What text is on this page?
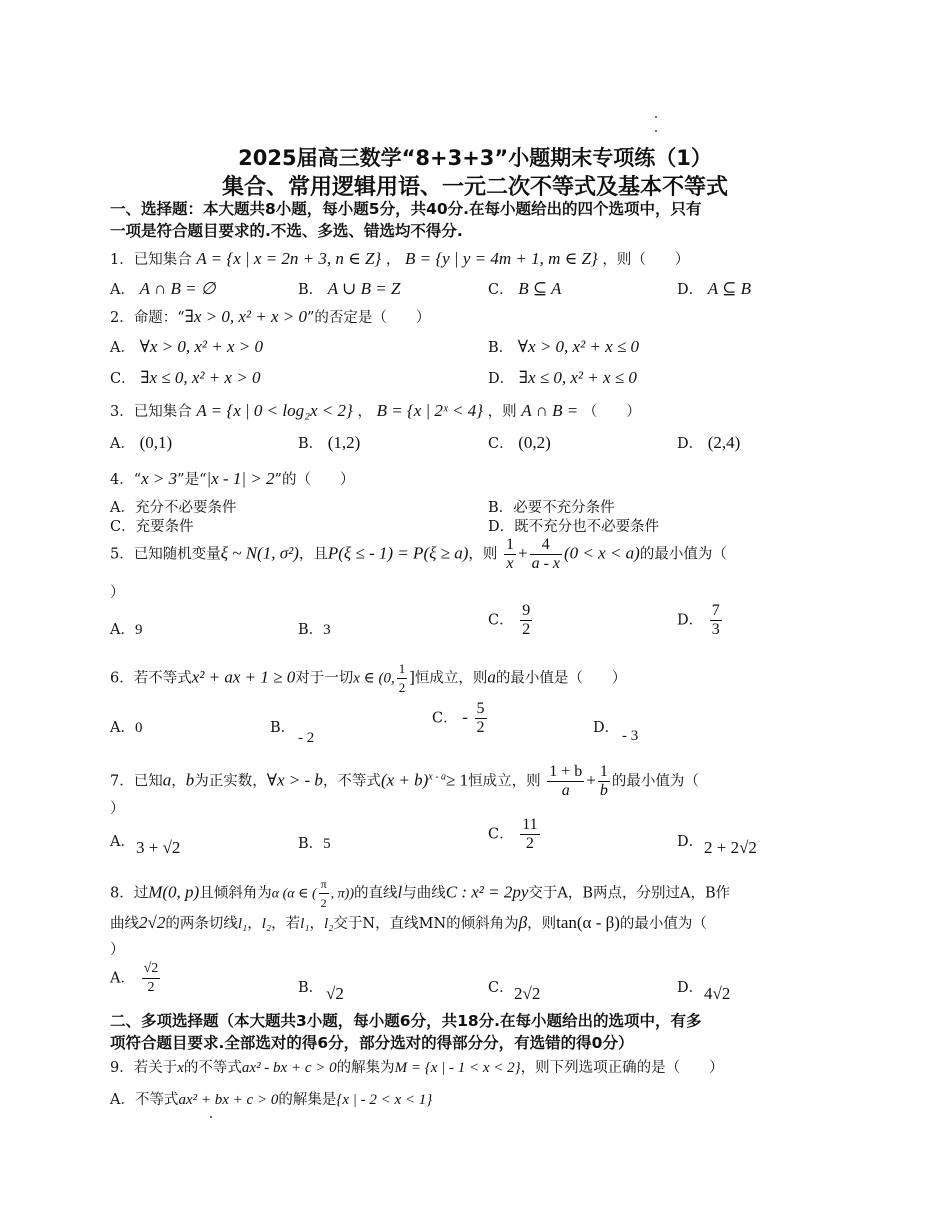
2025届高三数学“8+3+3”小题期末专项练（1）
集合、常用逻辑用语、一元二次不等式及基本不等式
一、选择题：本大题共8小题，每小题5分，共40分.在每小题给出的四个选项中，只有
一项是符合题目要求的.不选、多选、错选均不得分.
1．已知集合 A = {x | x = 2n + 3, n ∈ Z} ， B = {y | y = 4m + 1, m ∈ Z} ，则（　　）
A． A ∩ B = ∅	B． A ∪ B = Z	C． B ⊆ A	D． A ⊆ B
2．命题：“∃x > 0, x² + x > 0”的否定是（　　）
A． ∀x > 0, x² + x > 0	B． ∀x > 0, x² + x ≤ 0
C． ∃x ≤ 0, x² + x > 0	D． ∃x ≤ 0, x² + x ≤ 0
3．已知集合 A = {x | 0 < log₂x < 2} ， B = {x | 2ˣ < 4} ，则 A ∩ B = （　　）
A． (0,1)	B． (1,2)	C． (0,2)	D． (2,4)
4．“x > 3”是“|x - 1| > 2”的（　　）
A．充分不必要条件	B．必要不充分条件
C．充要条件	D．既不充分也不必要条件
5．已知随机变量ξ ~ N(1, σ²)，且P(ξ ≤ - 1) = P(ξ ≥ a)，则 $\frac{1}{x} + \frac{4}{a - x} (0 < x < a)$的最小值为（
）
A．9	B．3
C． $\frac{9}{2}$	D． $\frac{7}{3}$
6．若不等式x² + ax + 1 ≥ 0对于一切x ∈ (0, $\frac{1}{2}$ ]恒成立，则a的最小值是（　　）
A．0	B．
- 2
C． - $\frac{5}{2}$	D． - 3
7．已知a，b为正实数，∀x > - b，不等式$(x + b)^{x - a}\ge 1$恒成立，则 $\frac{1 + b}{a} + \frac{1}{b}$ 的最小值为（
）
A． 3 + √2	B．5
C． $\frac{11}{2}$	D． 2 + 2√2
8．过M(0, p)且倾斜角为α (α ∈ ( $\frac{\pi}{2}$ , π))的直线l与曲线C : x² = 2py交于A，B两点，分别过A，B作
曲线2√2的两条切线l₁，l₂，若l₁，l₂交于N，直线MN的倾斜角为β，则tan(α - β)的最小值为（
）
A． $\frac{√2}{2}$	B． √2	C． 2√2	D． 4√2
二、多项选择题（本大题共3小题，每小题6分，共18分.在每小题给出的选项中，有多
项符合题目要求.全部选对的得6分，部分选对的得部分分，有选错的得0分）
9．若关于x的不等式ax² - bx + c > 0的解集为M = {x | - 1 < x < 2}，则下列选项正确的是（　　）
A．不等式ax² + bx + c > 0的解集是{x | - 2 < x < 1}
